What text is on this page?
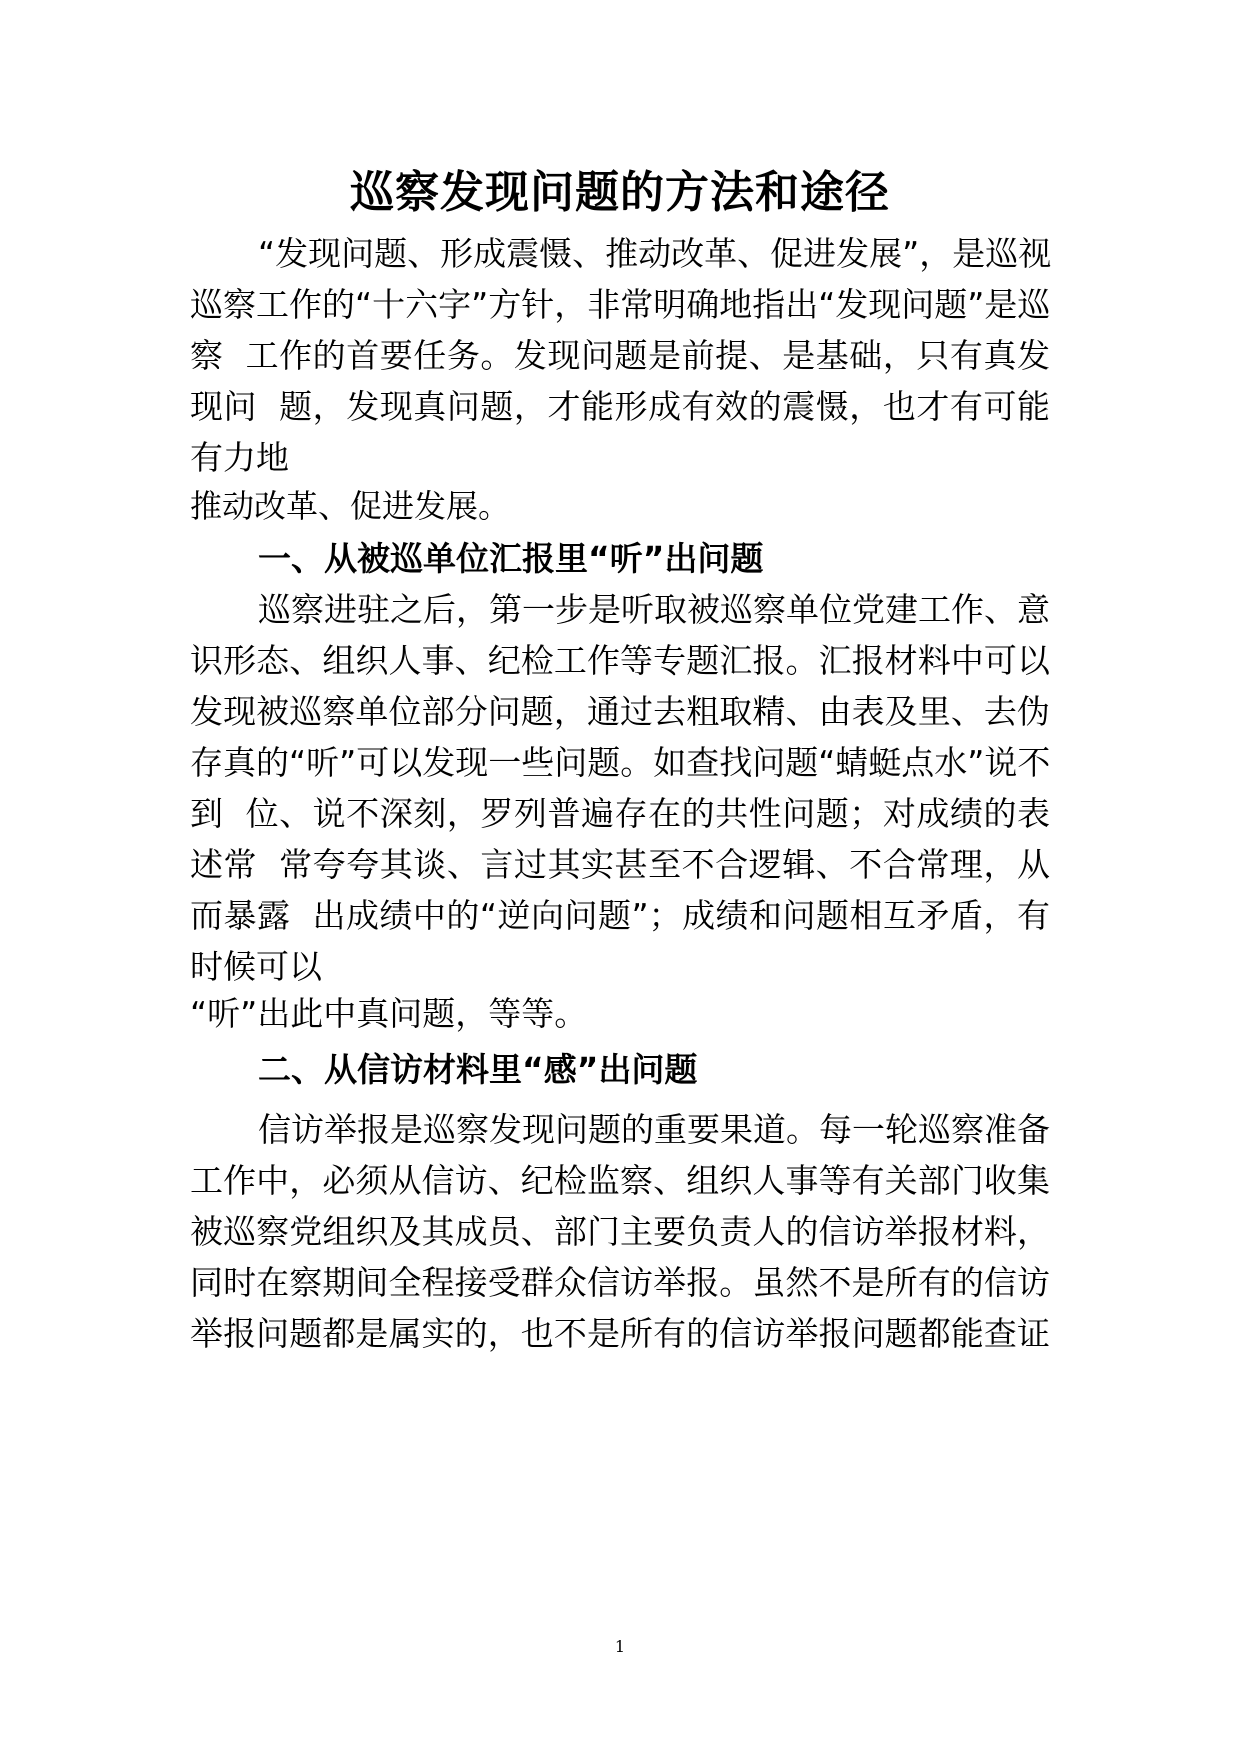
巡察发现问题的方法和途径
“发现问题、形成震慑、推动改革、促进发展”，是巡视
巡察工作的“十六字”方针，非常明确地指出“发现问题”是巡
察  工作的首要任务。发现问题是前提、是基础，只有真发
现问  题，发现真问题，才能形成有效的震慑，也才有可能
有力地
推动改革、促进发展。
一、从被巡单位汇报里“听”出问题
巡察进驻之后，第一步是听取被巡察单位党建工作、意
识形态、组织人事、纪检工作等专题汇报。汇报材料中可以
发现被巡察单位部分问题，通过去粗取精、由表及里、去伪
存真的“听”可以发现一些问题。如查找问题“蜻蜓点水”说不
到  位、说不深刻，罗列普遍存在的共性问题；对成绩的表
述常  常夸夸其谈、言过其实甚至不合逻辑、不合常理，从
而暴露  出成绩中的“逆向问题”；成绩和问题相互矛盾，有
时候可以
“听”出此中真问题，等等。
二、从信访材料里“感”出问题
信访举报是巡察发现问题的重要果道。每一轮巡察准备
工作中，必须从信访、纪检监察、组织人事等有关部门收集
被巡察党组织及其成员、部门主要负责人的信访举报材料，
同时在察期间全程接受群众信访举报。虽然不是所有的信访
举报问题都是属实的，也不是所有的信访举报问题都能查证
1
